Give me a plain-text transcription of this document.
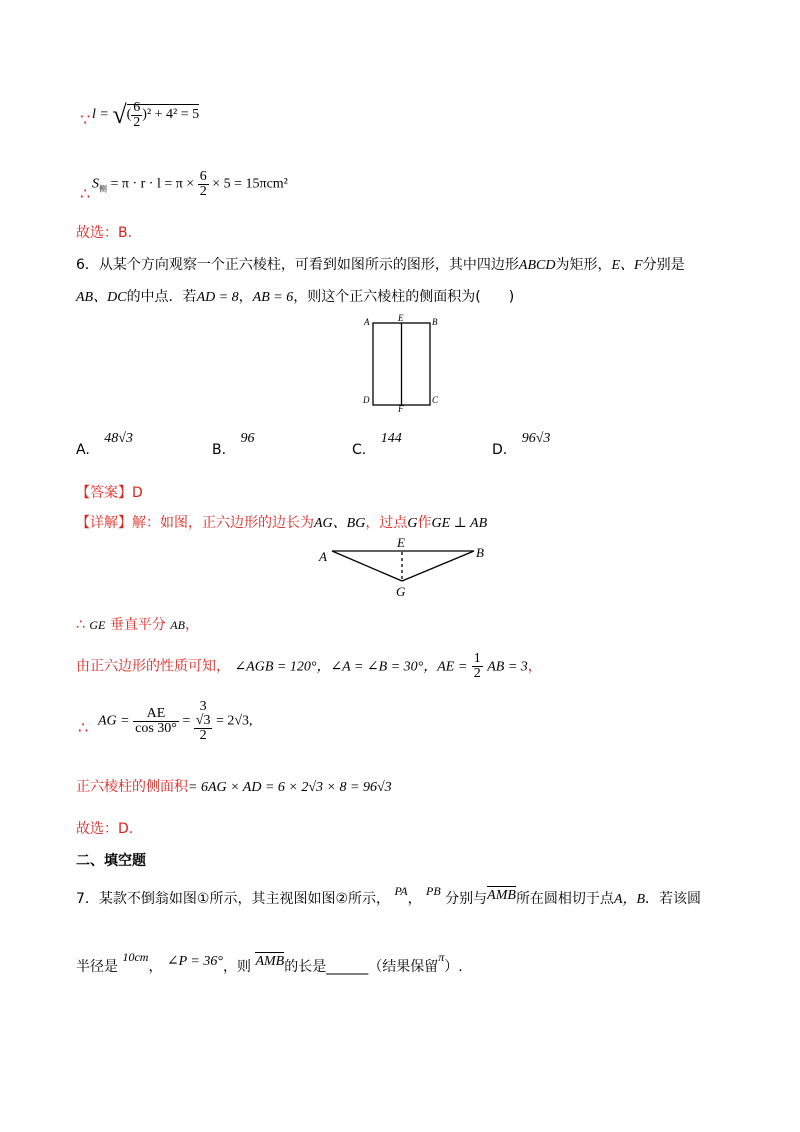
∵ l = √( $\frac{6}{2} )^2 + 4^2 = 5$
∴ $S_侧 = \pi \cdot r \cdot l = \pi \times \frac{6}{2} \times 5 = 15\pi cm^2$
故选：B.
6．从某个方向观察一个正六棱柱，可看到如图所示的图形，其中四边形ABCD为矩形，E、F分别是
AB、DC的中点．若AD = 8，AB = 6，则这个正六棱柱的侧面积为(　　)
A	E	B
D
F
C
A. 48√3
B. 96
C. 144
D. 96√3
【答案】D
【详解】解：如图，正六边形的边长为AG、BG，过点G作GE ⊥ AB
A
E
B
G
∴ GE 垂直平分 AB，
由正六边形的性质可知， ∠AGB = 120°，∠A = ∠B = 30°，AE = $\frac{1}{2}$ AB = 3，
∴ AG = $\frac{AE}{\cos 30^\circ}$ =
3
√3
2
= 2√3,
正六棱柱的侧面积= 6AG × AD = 6 × 2√3 × 8 = 96√3
故选：D.
二、填空题
7．某款不倒翁如图①所示，其主视图如图②所示， PA， PB 分别与AMB所在圆相切于点A，B．若该圆
半径是 10cm， ∠P = 36°，则 AMB的长是______（结果保留π）.
